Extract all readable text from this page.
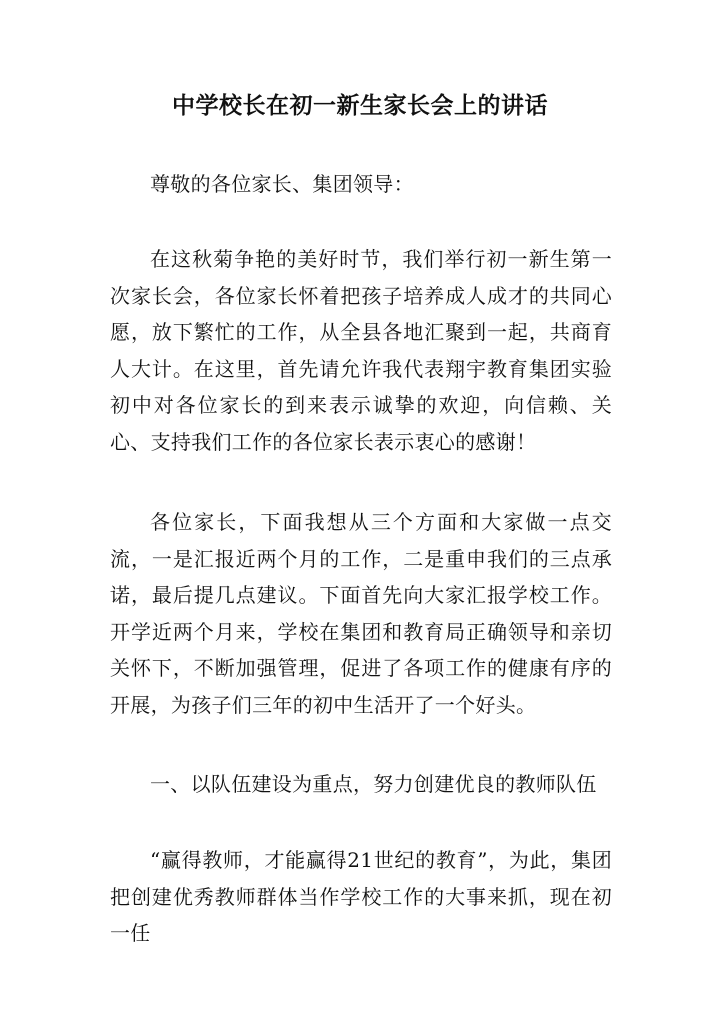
中学校长在初一新生家长会上的讲话

尊敬的各位家长、集团领导：

在这秋菊争艳的美好时节，我们举行初一新生第一次家长会，各位家长怀着把孩子培养成人成才的共同心愿，放下繁忙的工作，从全县各地汇聚到一起，共商育人大计。在这里，首先请允许我代表翔宇教育集团实验初中对各位家长的到来表示诚挚的欢迎，向信赖、关心、支持我们工作的各位家长表示衷心的感谢！

各位家长，下面我想从三个方面和大家做一点交流，一是汇报近两个月的工作，二是重申我们的三点承诺，最后提几点建议。下面首先向大家汇报学校工作。开学近两个月来，学校在集团和教育局正确领导和亲切关怀下，不断加强管理，促进了各项工作的健康有序的开展，为孩子们三年的初中生活开了一个好头。

一、以队伍建设为重点，努力创建优良的教师队伍

“赢得教师，才能赢得21世纪的教育”，为此，集团把创建优秀教师群体当作学校工作的大事来抓，现在初一任
